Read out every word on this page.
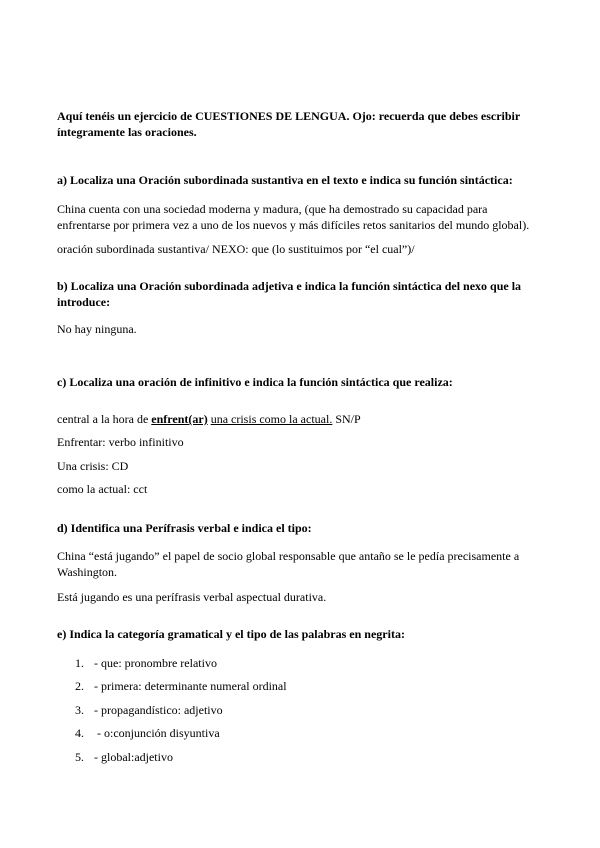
Aquí tenéis un ejercicio de CUESTIONES DE LENGUA. Ojo: recuerda que debes escribir íntegramente las oraciones.

a) Localiza una Oración subordinada sustantiva en el texto e indica su función sintáctica:

China cuenta con una sociedad moderna y madura, (que ha demostrado su capacidad para enfrentarse por primera vez a uno de los nuevos y más difíciles retos sanitarios del mundo global).

oración subordinada sustantiva/ NEXO: que (lo sustituimos por “el cual”)/

b) Localiza una Oración subordinada adjetiva e indica la función sintáctica del nexo que la introduce:

No hay ninguna.

c) Localiza una oración de infinitivo e indica la función sintáctica que realiza:

central a la hora de enfrent(ar) una crisis como la actual. SN/P

Enfrentar: verbo infinitivo

Una crisis: CD

como la actual: cct

d) Identifica una Perífrasis verbal e indica el tipo:

China “está jugando” el papel de socio global responsable que antaño se le pedía precisamente a Washington.

Está jugando es una perífrasis verbal aspectual durativa.

e) Indica la categoría gramatical y el tipo de las palabras en negrita:

1. - que: pronombre relativo
2. - primera: determinante numeral ordinal
3. - propagandístico: adjetivo
4. - o:conjunción disyuntiva
5. - global:adjetivo
